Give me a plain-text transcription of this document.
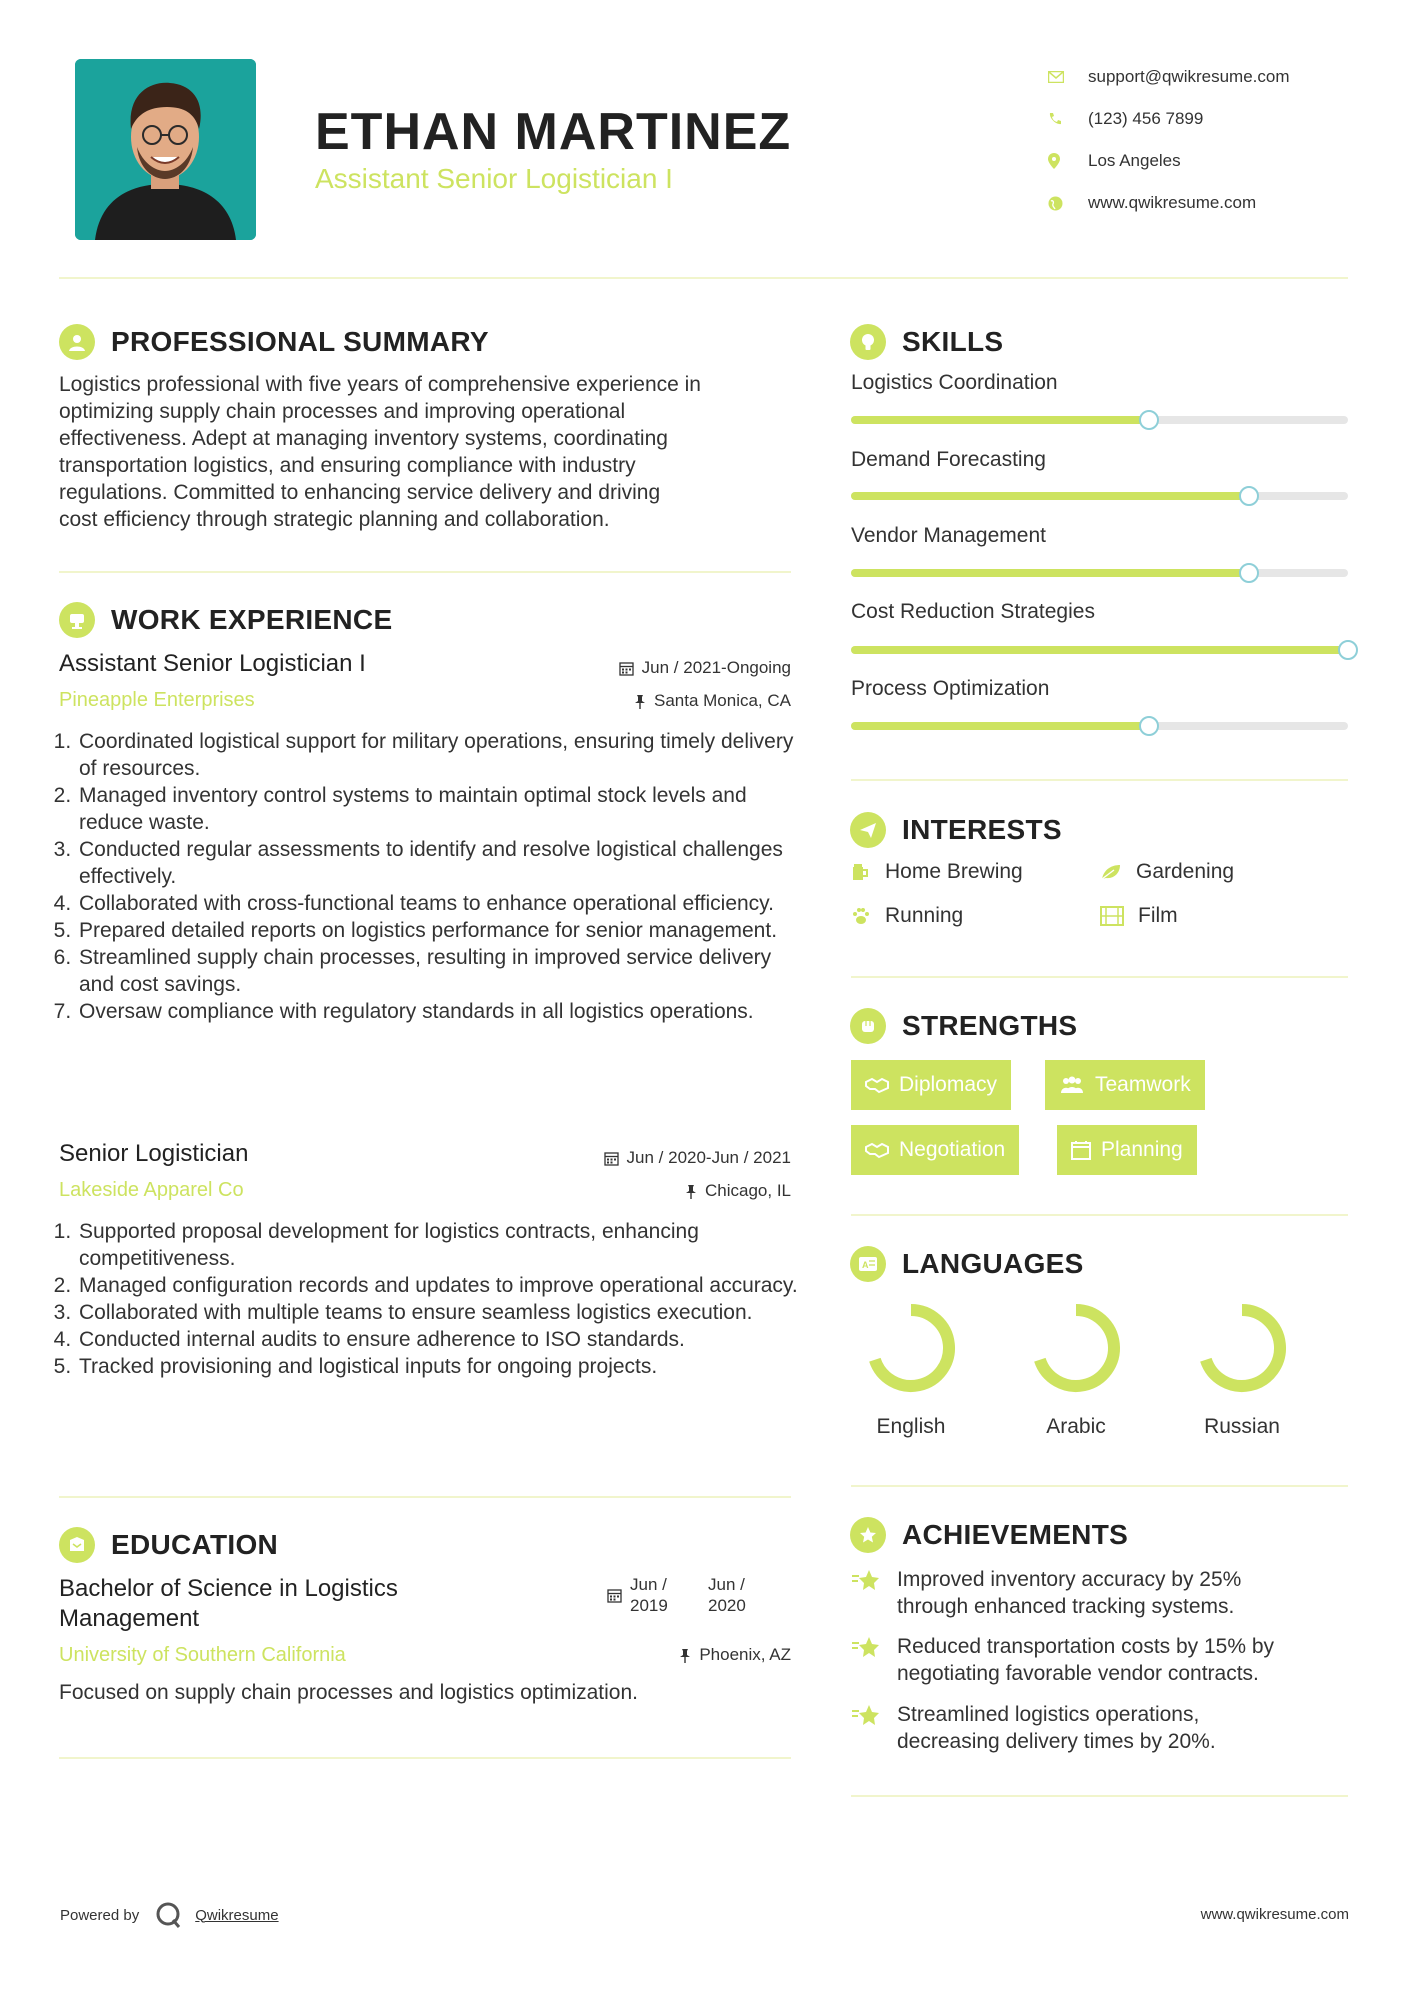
ETHAN MARTINEZ
Assistant Senior Logistician I
support@qwikresume.com
(123) 456 7899
Los Angeles
www.qwikresume.com
PROFESSIONAL SUMMARY
Logistics professional with five years of comprehensive experience in
optimizing supply chain processes and improving operational
effectiveness. Adept at managing inventory systems, coordinating
transportation logistics, and ensuring compliance with industry
regulations. Committed to enhancing service delivery and driving
cost efficiency through strategic planning and collaboration.
WORK EXPERIENCE
Assistant Senior Logistician I
Pineapple Enterprises
Jun / 2021-Ongoing
Santa Monica, CA
1. Coordinated logistical support for military operations, ensuring timely delivery of resources.
2. Managed inventory control systems to maintain optimal stock levels and reduce waste.
3. Conducted regular assessments to identify and resolve logistical challenges effectively.
4. Collaborated with cross-functional teams to enhance operational efficiency.
5. Prepared detailed reports on logistics performance for senior management.
6. Streamlined supply chain processes, resulting in improved service delivery and cost savings.
7. Oversaw compliance with regulatory standards in all logistics operations.
Senior Logistician
Lakeside Apparel Co
Jun / 2020-Jun / 2021
Chicago, IL
1. Supported proposal development for logistics contracts, enhancing competitiveness.
2. Managed configuration records and updates to improve operational accuracy.
3. Collaborated with multiple teams to ensure seamless logistics execution.
4. Conducted internal audits to ensure adherence to ISO standards.
5. Tracked provisioning and logistical inputs for ongoing projects.
EDUCATION
Bachelor of Science in Logistics
Management
University of Southern California
Jun /
2019
Jun /
2020
Phoenix, AZ
Focused on supply chain processes and logistics optimization.
SKILLS
Logistics Coordination
Demand Forecasting
Vendor Management
Cost Reduction Strategies
Process Optimization
INTERESTS
Home Brewing	Gardening
Running	Film
STRENGTHS
Diplomacy	Teamwork
Negotiation	Planning
A LANGUAGES
English	Arabic	Russian
ACHIEVEMENTS
Improved inventory accuracy by 25%
through enhanced tracking systems.
Reduced transportation costs by 15% by
negotiating favorable vendor contracts.
Streamlined logistics operations,
decreasing delivery times by 20%.
Powered by	Qwikresume	www.qwikresume.com
